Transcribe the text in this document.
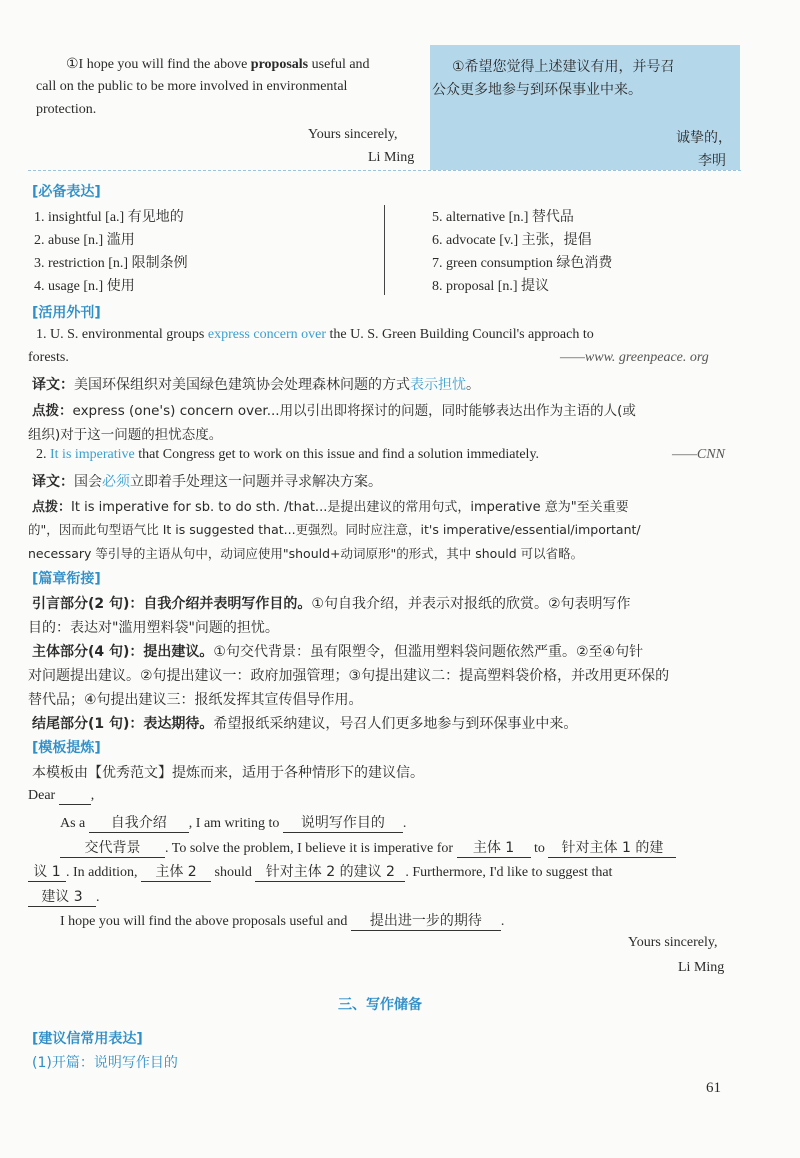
①I hope you will find the above proposals useful and
call on the public to be more involved in environmental
protection.
Yours sincerely,
Li Ming
①希望您觉得上述建议有用，并号召
公众更多地参与到环保事业中来。
诚挚的，
李明
[必备表达]
1. insightful [a.] 有见地的
2. abuse [n.] 滥用
3. restriction [n.] 限制条例
4. usage [n.] 使用
5. alternative [n.] 替代品
6. advocate [v.] 主张，提倡
7. green consumption 绿色消费
8. proposal [n.] 提议
[活用外刊]
1. U. S. environmental groups express concern over the U. S. Green Building Council's approach to
forests.	——www. greenpeace. org
译文：美国环保组织对美国绿色建筑协会处理森林问题的方式表示担忧。
点拨：express (one's) concern over...用以引出即将探讨的问题，同时能够表达出作为主语的人(或
组织)对于这一问题的担忧态度。
2. It is imperative that Congress get to work on this issue and find a solution immediately.	——CNN
译文：国会必须立即着手处理这一问题并寻求解决方案。
点拨：It is imperative for sb. to do sth. /that...是提出建议的常用句式，imperative 意为"至关重要
的"，因而此句型语气比 It is suggested that...更强烈。同时应注意，it's imperative/essential/important/
necessary 等引导的主语从句中，动词应使用"should+动词原形"的形式，其中 should 可以省略。
[篇章衔接]
引言部分(2 句)：自我介绍并表明写作目的。①句自我介绍，并表示对报纸的欣赏。②句表明写作
目的：表达对"滥用塑料袋"问题的担忧。
主体部分(4 句)：提出建议。①句交代背景：虽有限塑令，但滥用塑料袋问题依然严重。②至④句针
对问题提出建议。②句提出建议一：政府加强管理；③句提出建议二：提高塑料袋价格，并改用更环保的
替代品；④句提出建议三：报纸发挥其宣传倡导作用。
结尾部分(1 句)：表达期待。希望报纸采纳建议，号召人们更多地参与到环保事业中来。
[模板提炼]
本模板由【优秀范文】提炼而来，适用于各种情形下的建议信。
Dear	,
As a 自我介绍 , I am writing to 说明写作目的 .
交代背景 . To solve the problem, I believe it is imperative for 主体 1 to 针对主体 1 的建
议 1 . In addition, 主体 2 should 针对主体 2 的建议 2 . Furthermore, I'd like to suggest that
建议 3 .
I hope you will find the above proposals useful and 提出进一步的期待 .
Yours sincerely,
Li Ming
三、写作储备
[建议信常用表达]
(1)开篇：说明写作目的
61
